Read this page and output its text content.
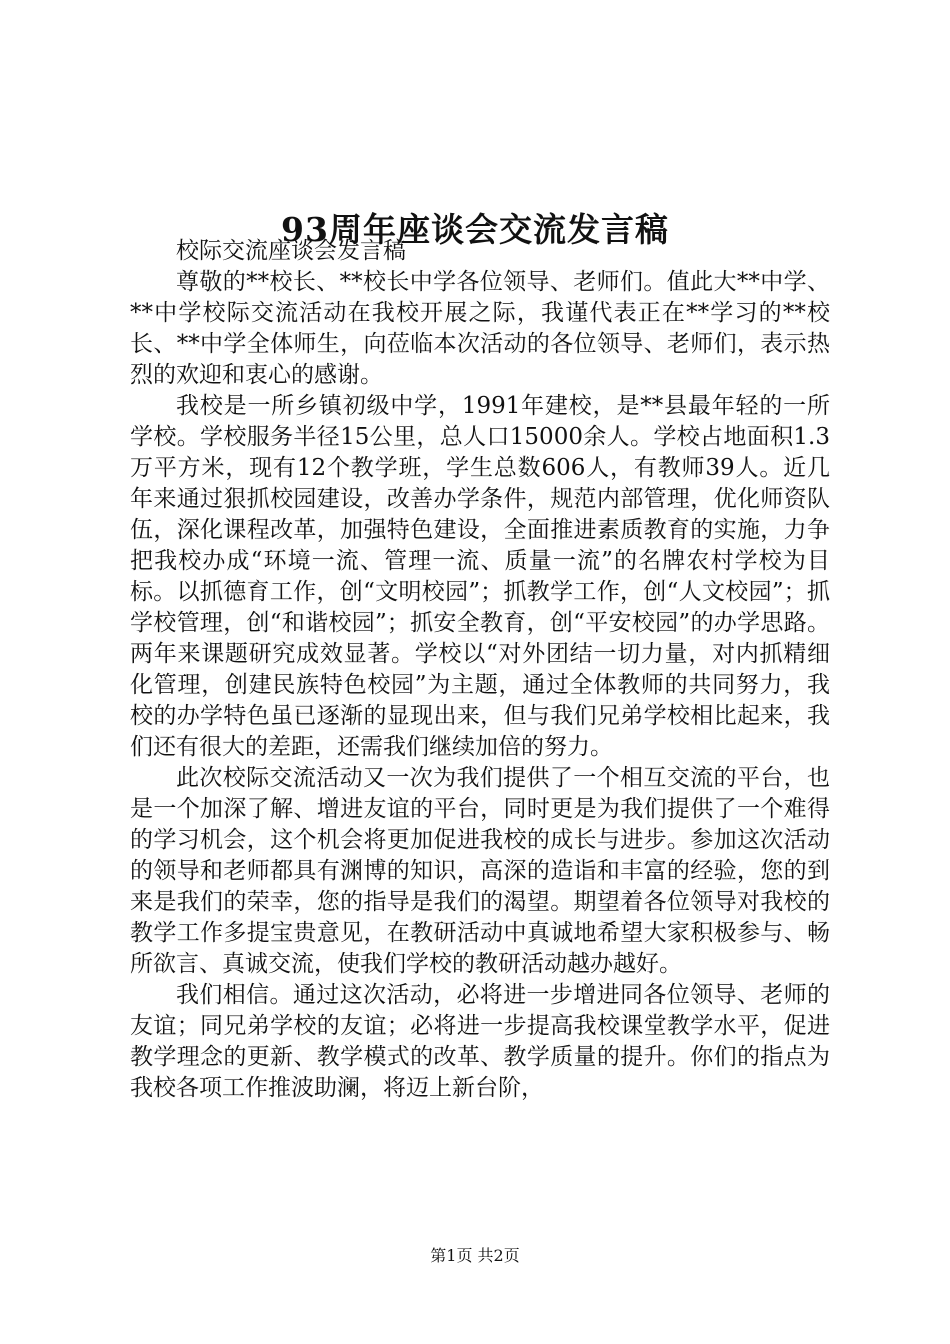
93周年座谈会交流发言稿

校际交流座谈会发言稿

尊敬的**校长、**校长中学各位领导、老师们。值此大**中学、**中学校际交流活动在我校开展之际，我谨代表正在**学习的**校长、**中学全体师生，向莅临本次活动的各位领导、老师们，表示热烈的欢迎和衷心的感谢。

我校是一所乡镇初级中学，1991年建校，是**县最年轻的一所学校。学校服务半径15公里，总人口15000余人。学校占地面积1.3万平方米，现有12个教学班，学生总数606人，有教师39人。近几年来通过狠抓校园建设，改善办学条件，规范内部管理，优化师资队伍，深化课程改革，加强特色建设，全面推进素质教育的实施，力争把我校办成“环境一流、管理一流、质量一流”的名牌农村学校为目标。以抓德育工作，创“文明校园”；抓教学工作，创“人文校园”；抓学校管理，创“和谐校园”；抓安全教育，创“平安校园”的办学思路。两年来课题研究成效显著。学校以“对外团结一切力量，对内抓精细化管理，创建民族特色校园”为主题，通过全体教师的共同努力，我校的办学特色虽已逐渐的显现出来，但与我们兄弟学校相比起来，我们还有很大的差距，还需我们继续加倍的努力。

此次校际交流活动又一次为我们提供了一个相互交流的平台，也是一个加深了解、增进友谊的平台，同时更是为我们提供了一个难得的学习机会，这个机会将更加促进我校的成长与进步。参加这次活动的领导和老师都具有渊博的知识，高深的造诣和丰富的经验，您的到来是我们的荣幸，您的指导是我们的渴望。期望着各位领导对我校的教学工作多提宝贵意见，在教研活动中真诚地希望大家积极参与、畅所欲言、真诚交流，使我们学校的教研活动越办越好。

我们相信。通过这次活动，必将进一步增进同各位领导、老师的友谊；同兄弟学校的友谊；必将进一步提高我校课堂教学水平，促进教学理念的更新、教学模式的改革、教学质量的提升。你们的指点为我校各项工作推波助澜，将迈上新台阶，

第1页 共2页
